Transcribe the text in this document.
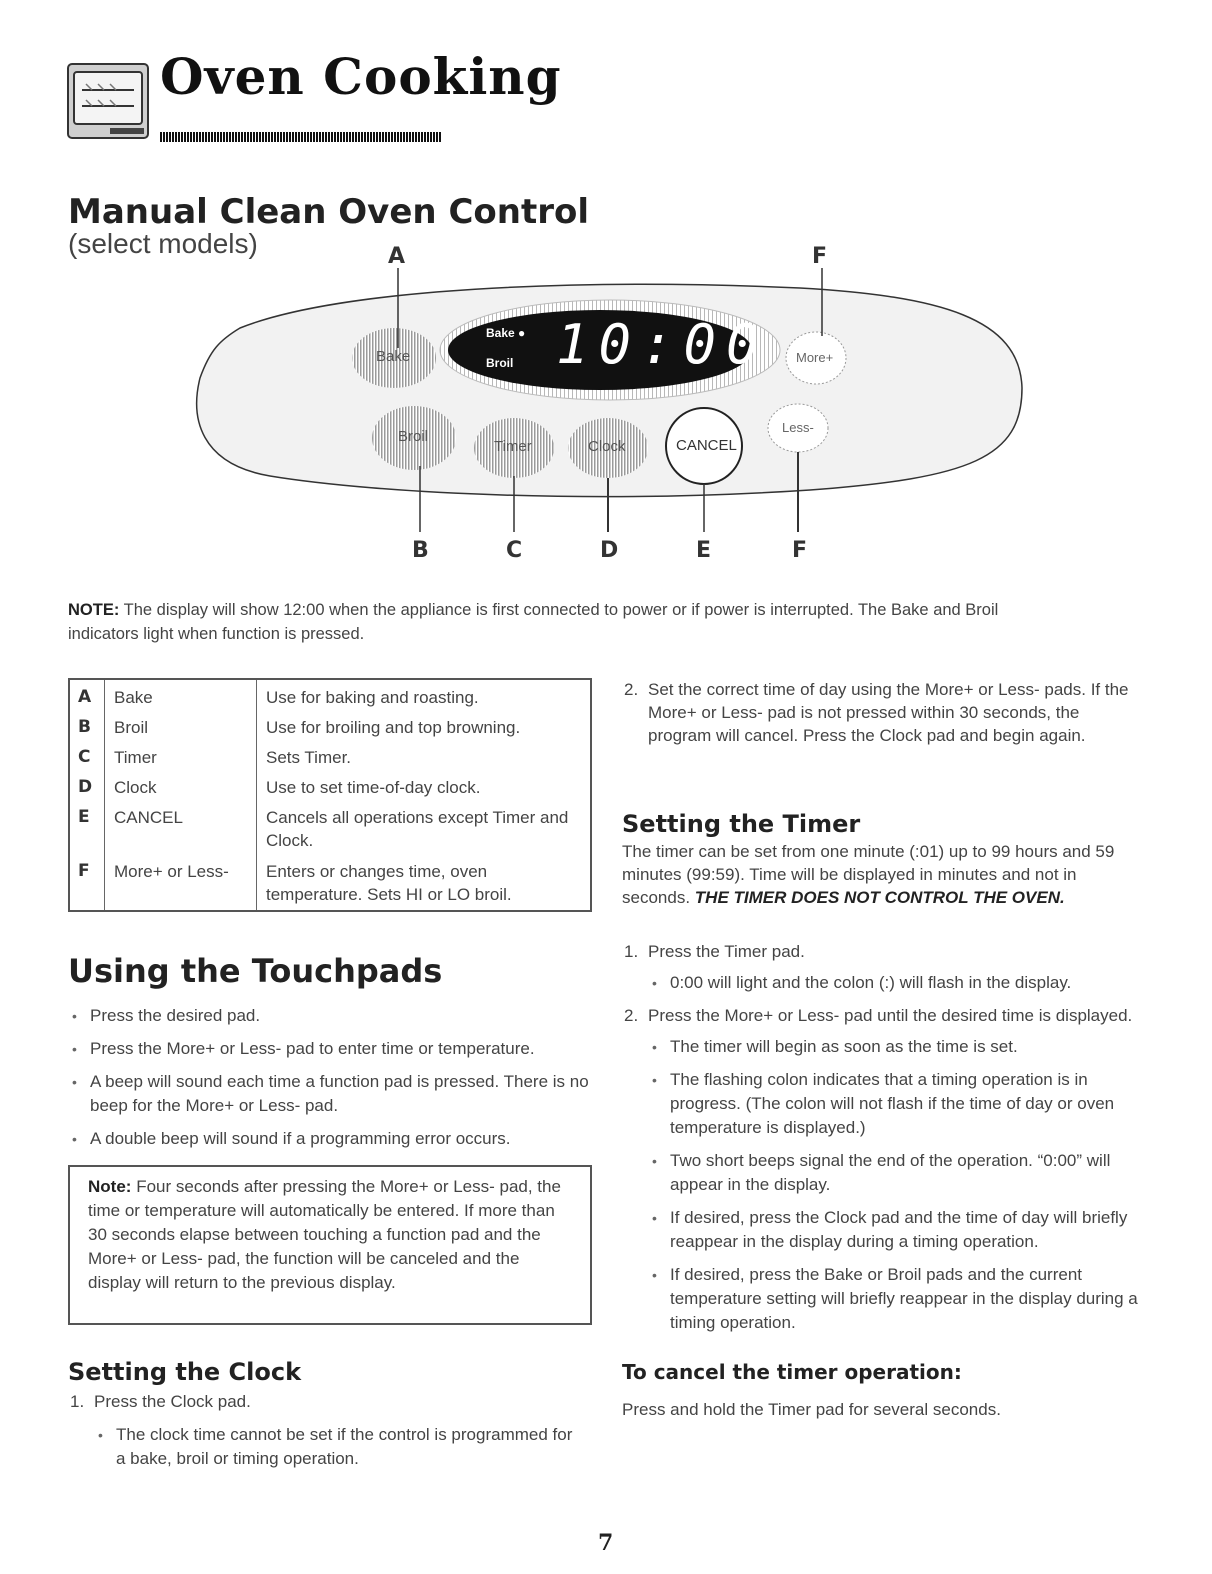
Oven Cooking
Manual Clean Oven Control

(select models)	A	F
Bake
Broil
Timer	Clock	CANCEL
More+
Less-
Bake ●
Broil 10:00
B	C	D	E	F

NOTE: The display will show 12:00 when the appliance is first connected to power or if power is interrupted. The Bake and Broil

indicators light when function is pressed.

A Bake	Use for baking and roasting.
B Broil	Use for broiling and top browning.
C Timer	Sets Timer.
D Clock	Use to set time-of-day clock.
E CANCEL	Cancels all operations except Timer and Clock.
F More+ or Less-	Enters or changes time, oven temperature. Sets HI or LO broil.
Using the Touchpads
• Press the desired pad.
• Press the More+ or Less- pad to enter time or temperature.
• A beep will sound each time a function pad is pressed. There is no beep for the More+ or Less- pad.
• A double beep will sound if a programming error occurs.
Note: Four seconds after pressing the More+ or Less- pad, the time or temperature will automatically be entered. If more than 30 seconds elapse between touching a function pad and the More+ or Less- pad, the function will be canceled and the display will return to the previous display.
Setting the Clock
1. Press the Clock pad.
• The clock time cannot be set if the control is programmed for a bake, broil or timing operation.
2. Set the correct time of day using the More+ or Less- pads. If the More+ or Less- pad is not pressed within 30 seconds, the program will cancel. Press the Clock pad and begin again.
Setting the Timer

The timer can be set from one minute (:01) up to 99 hours and 59 minutes (99:59). Time will be displayed in minutes and not in seconds. THE TIMER DOES NOT CONTROL THE OVEN.

1. Press the Timer pad.
• 0:00 will light and the colon (:) will flash in the display.
2. Press the More+ or Less- pad until the desired time is displayed.
• The timer will begin as soon as the time is set.
• The flashing colon indicates that a timing operation is in progress. (The colon will not flash if the time of day or oven temperature is displayed.)
• Two short beeps signal the end of the operation. “0:00” will appear in the display.
• If desired, press the Clock pad and the time of day will briefly reappear in the display during a timing operation.
• If desired, press the Bake or Broil pads and the current temperature setting will briefly reappear in the display during a timing operation.
To cancel the timer operation:

Press and hold the Timer pad for several seconds.

7
